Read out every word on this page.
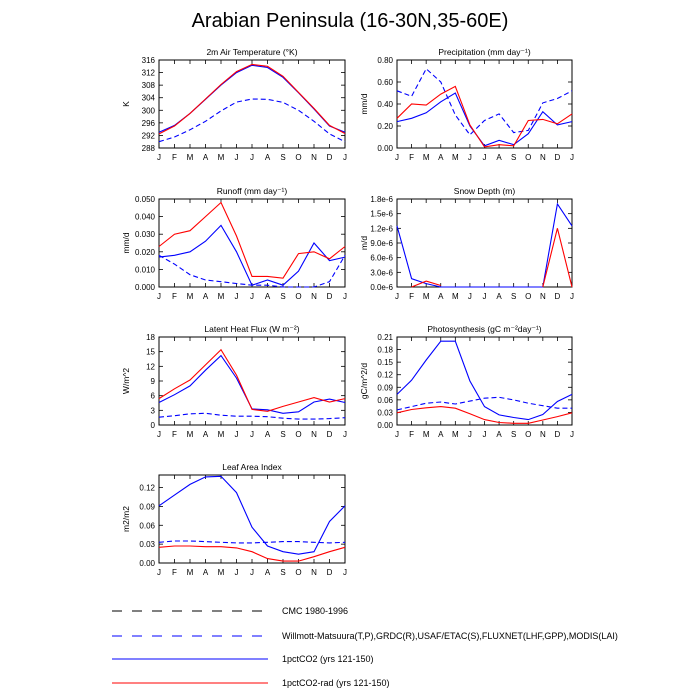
Arabian Peninsula (16-30N,35-60E)
2m Air Temperature (°K)
K
288
292
296
300
304
308
312
316
J F M A M J J A S O N D J
Precipitation (mm day⁻¹)
mm/d
0.00
0.20
0.40
0.60
0.80
J F M A M J J A S O N D J
Runoff (mm day⁻¹)
mm/d
0.000
0.010
0.020
0.030
0.040
0.050
J F M A M J J A S O N D J
Snow Depth (m)
m/d
0.0e-6
3.0e-6
6.0e-6
9.0e-6
1.2e-6
1.5e-6
1.8e-6
J F M A M J J A S O N D J
Latent Heat Flux (W m⁻²)
W/m^2
0
3
6
9
12
15
18
J F M A M J J A S O N D J
Photosynthesis (gC m⁻²day⁻¹)
gC/m^2/d
0.00
0.03
0.06
0.09
0.12
0.15
0.18
0.21
J F M A M J J A S O N D J
Leaf Area Index
m2/m2
0.00
0.03
0.06
0.09
0.12
J F M A M J J A S O N D J
CMC 1980-1996
Willmott-Matsuura(T,P),GRDC(R),USAF/ETAC(S),FLUXNET(LHF,GPP),MODIS(LAI)
1pctCO2 (yrs 121-150)
1pctCO2-rad (yrs 121-150)
